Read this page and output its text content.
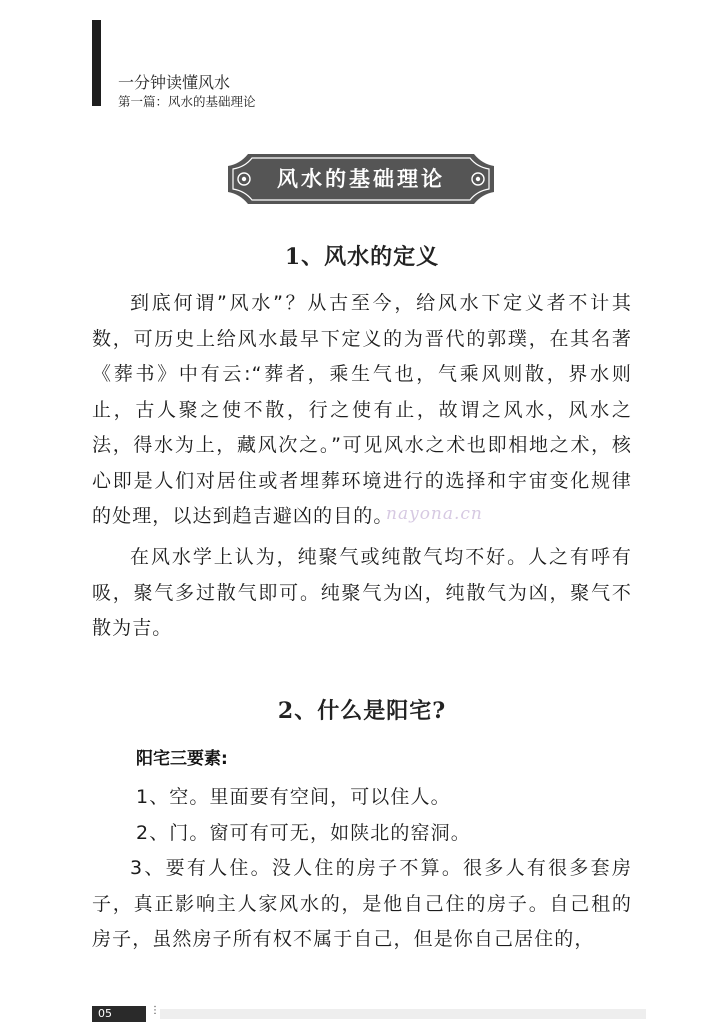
一分钟读懂风水
第一篇：风水的基础理论
风水的基础理论
1、风水的定义

到底何谓”风水”？从古至今，给风水下定义者不计其数，可历史上给风水最早下定义的为晋代的郭璞，在其名著《葬书》中有云:“葬者，乘生气也，气乘风则散，界水则止，古人聚之使不散，行之使有止，故谓之风水，风水之法，得水为上，藏风次之。”可见风水之术也即相地之术，核心即是人们对居住或者埋葬环境进行的选择和宇宙变化规律的处理，以达到趋吉避凶的目的。

在风水学上认为，纯聚气或纯散气均不好。人之有呼有吸，聚气多过散气即可。纯聚气为凶，纯散气为凶，聚气不散为吉。

nayona.cn
2、什么是阳宅?
阳宅三要素:
1、空。里面要有空间，可以住人。
2、门。窗可有可无，如陕北的窑洞。

3、要有人住。没人住的房子不算。很多人有很多套房子，真正影响主人家风水的，是他自己住的房子。自己租的房子，虽然房子所有权不属于自己，但是你自己居住的，

05	⋮
